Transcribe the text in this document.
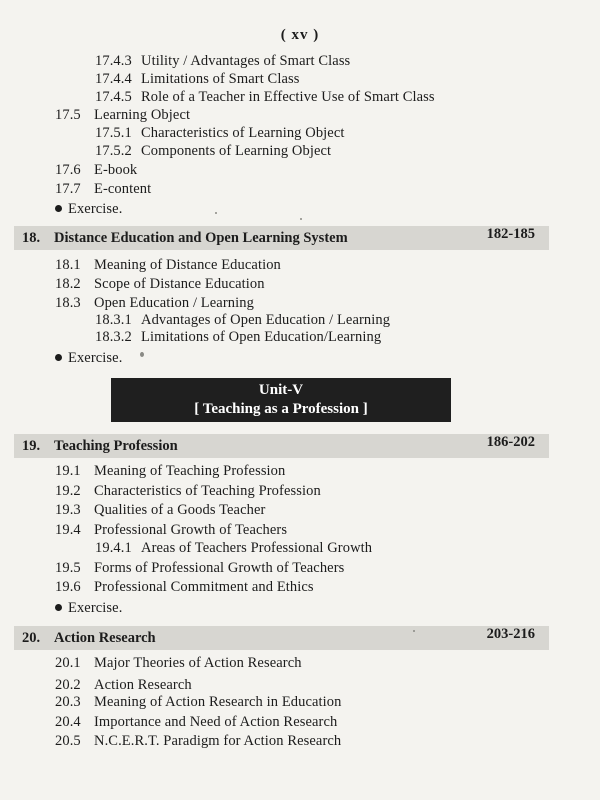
( xv )
17.4.3 Utility / Advantages of Smart Class
17.4.4 Limitations of Smart Class
17.4.5 Role of a Teacher in Effective Use of Smart Class
17.5 Learning Object
17.5.1 Characteristics of Learning Object
17.5.2 Components of Learning Object
17.6 E-book
17.7 E-content
Exercise.
18. Distance Education and Open Learning System	182-185
18.1 Meaning of Distance Education
18.2 Scope of Distance Education
18.3 Open Education / Learning
18.3.1 Advantages of Open Education / Learning
18.3.2 Limitations of Open Education/Learning
Exercise.
Unit-V
[ Teaching as a Profession ]
19. Teaching Profession	186-202
19.1 Meaning of Teaching Profession
19.2 Characteristics of Teaching Profession
19.3 Qualities of a Goods Teacher
19.4 Professional Growth of Teachers
19.4.1 Areas of Teachers Professional Growth
19.5 Forms of Professional Growth of Teachers
19.6 Professional Commitment and Ethics
Exercise.
20. Action Research	203-216
20.1 Major Theories of Action Research
20.2 Action Research
20.3 Meaning of Action Research in Education
20.4 Importance and Need of Action Research
20.5 N.C.E.R.T. Paradigm for Action Research
